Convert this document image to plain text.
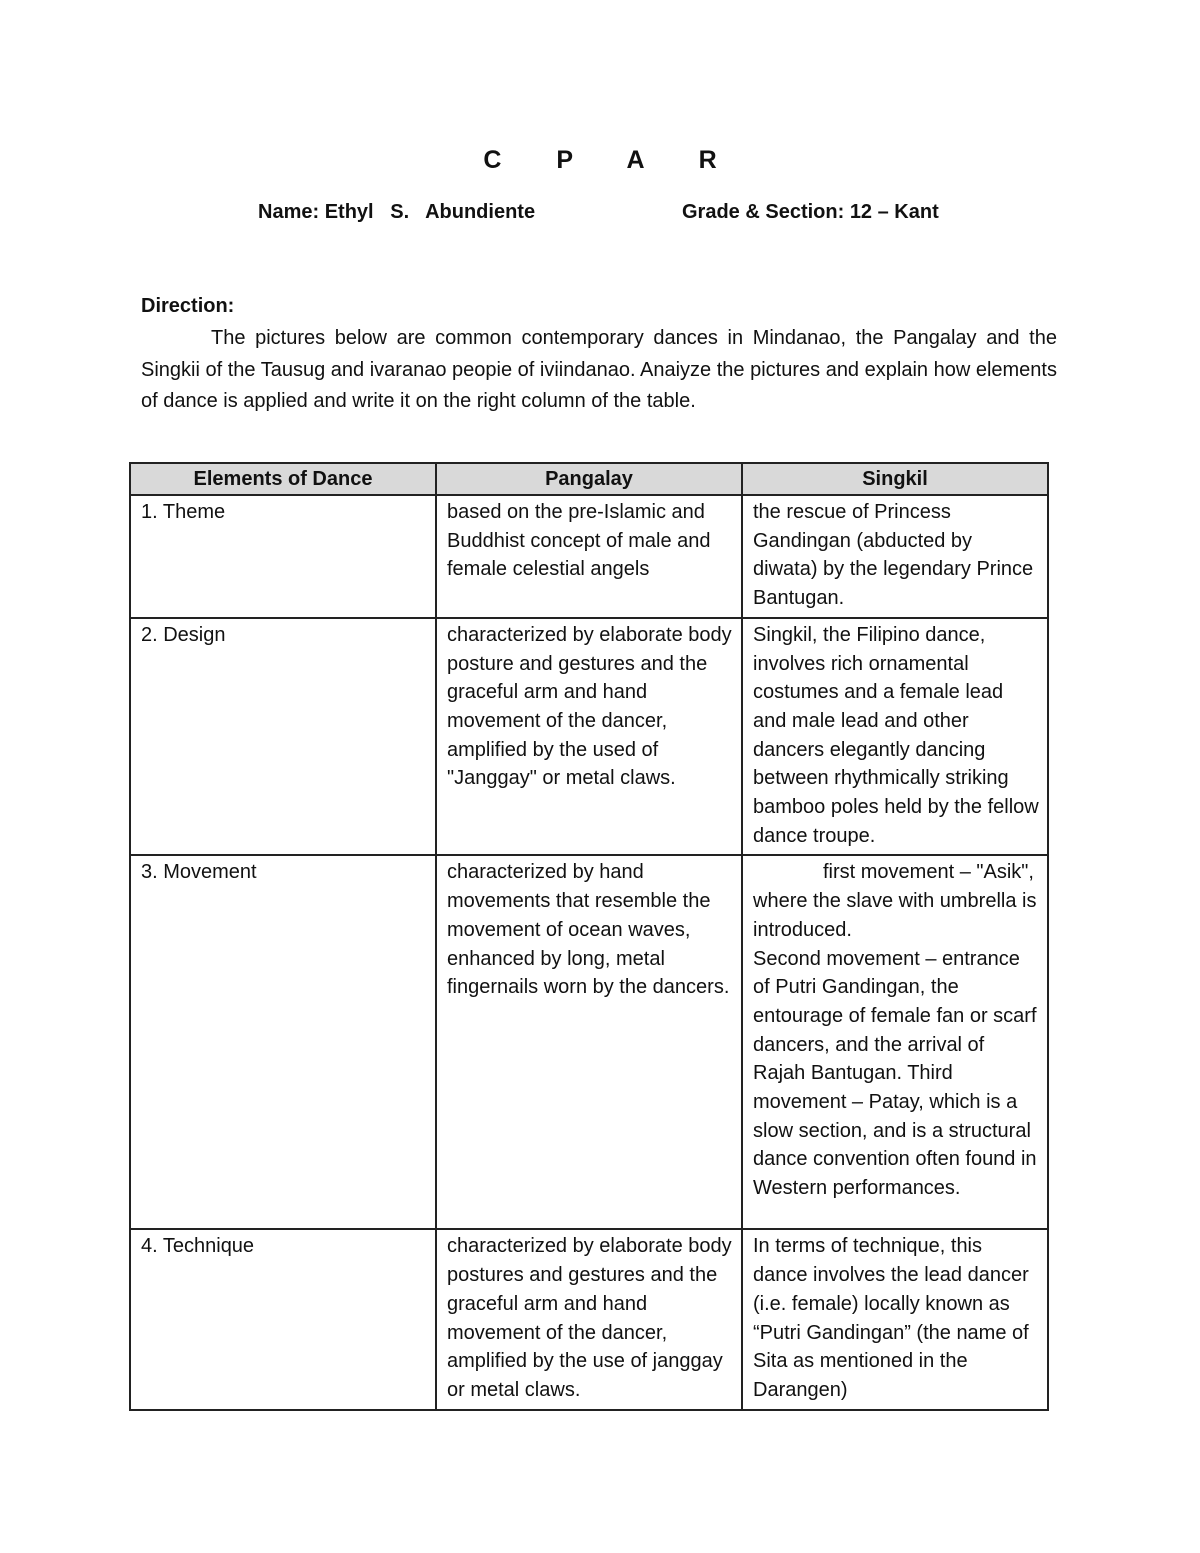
C P A R
Name: Ethyl   S.   Abundiente	Grade & Section: 12 – Kant
Direction:

The pictures below are common contemporary dances in Mindanao, the Pangalay and the Singkii of the Tausug and ivaranao peopie of iviindanao. Anaiyze the pictures and explain how elements of dance is applied and write it on the right column of the table.

Elements of Dance	Pangalay	Singkil
1. Theme	based on the pre-Islamic and Buddhist concept of male and female celestial angels	the rescue of Princess Gandingan (abducted by diwata) by the legendary Prince Bantugan.
2. Design	characterized by elaborate body posture and gestures and the graceful arm and hand movement of the dancer, amplified by the used of "Janggay" or metal claws.	Singkil, the Filipino dance, involves rich ornamental costumes and a female lead and male lead and other dancers elegantly dancing between rhythmically striking bamboo poles held by the fellow dance troupe.
3. Movement	characterized by hand movements that resemble the movement of ocean waves, enhanced by long, metal fingernails worn by the dancers.	first movement – "Asik", where the slave with umbrella is introduced.
Second movement – entrance of Putri Gandingan, the entourage of female fan or scarf dancers, and the arrival of Rajah Bantugan. Third movement – Patay, which is a slow section, and is a structural dance convention often found in Western performances.

4. Technique	characterized by elaborate body postures and gestures and the graceful arm and hand movement of the dancer, amplified by the use of janggay or metal claws.	In terms of technique, this dance involves the lead dancer (i.e. female) locally known as “Putri Gandingan” (the name of Sita as mentioned in the Darangen)
